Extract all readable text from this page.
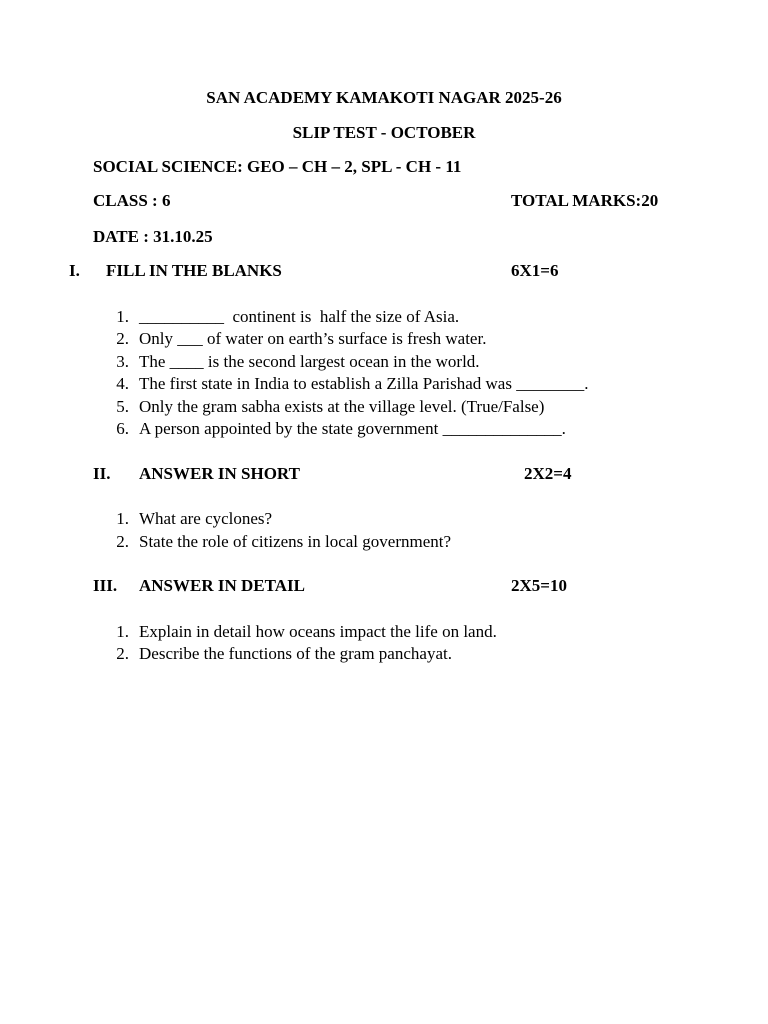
SAN ACADEMY KAMAKOTI NAGAR 2025-26
SLIP TEST - OCTOBER
SOCIAL SCIENCE: GEO – CH – 2, SPL - CH - 11
CLASS : 6	TOTAL MARKS:20
DATE : 31.10.25
I. FILL IN THE BLANKS	6X1=6
1. __________  continent is  half the size of Asia.
2. Only ___ of water on earth’s surface is fresh water.
3. The ____ is the second largest ocean in the world.
4. The first state in India to establish a Zilla Parishad was ________.
5. Only the gram sabha exists at the village level. (True/False)
6. A person appointed by the state government ______________.
II. ANSWER IN SHORT	2X2=4
1. What are cyclones?
2. State the role of citizens in local government?
III. ANSWER IN DETAIL	2X5=10
1. Explain in detail how oceans impact the life on land.
2. Describe the functions of the gram panchayat.
